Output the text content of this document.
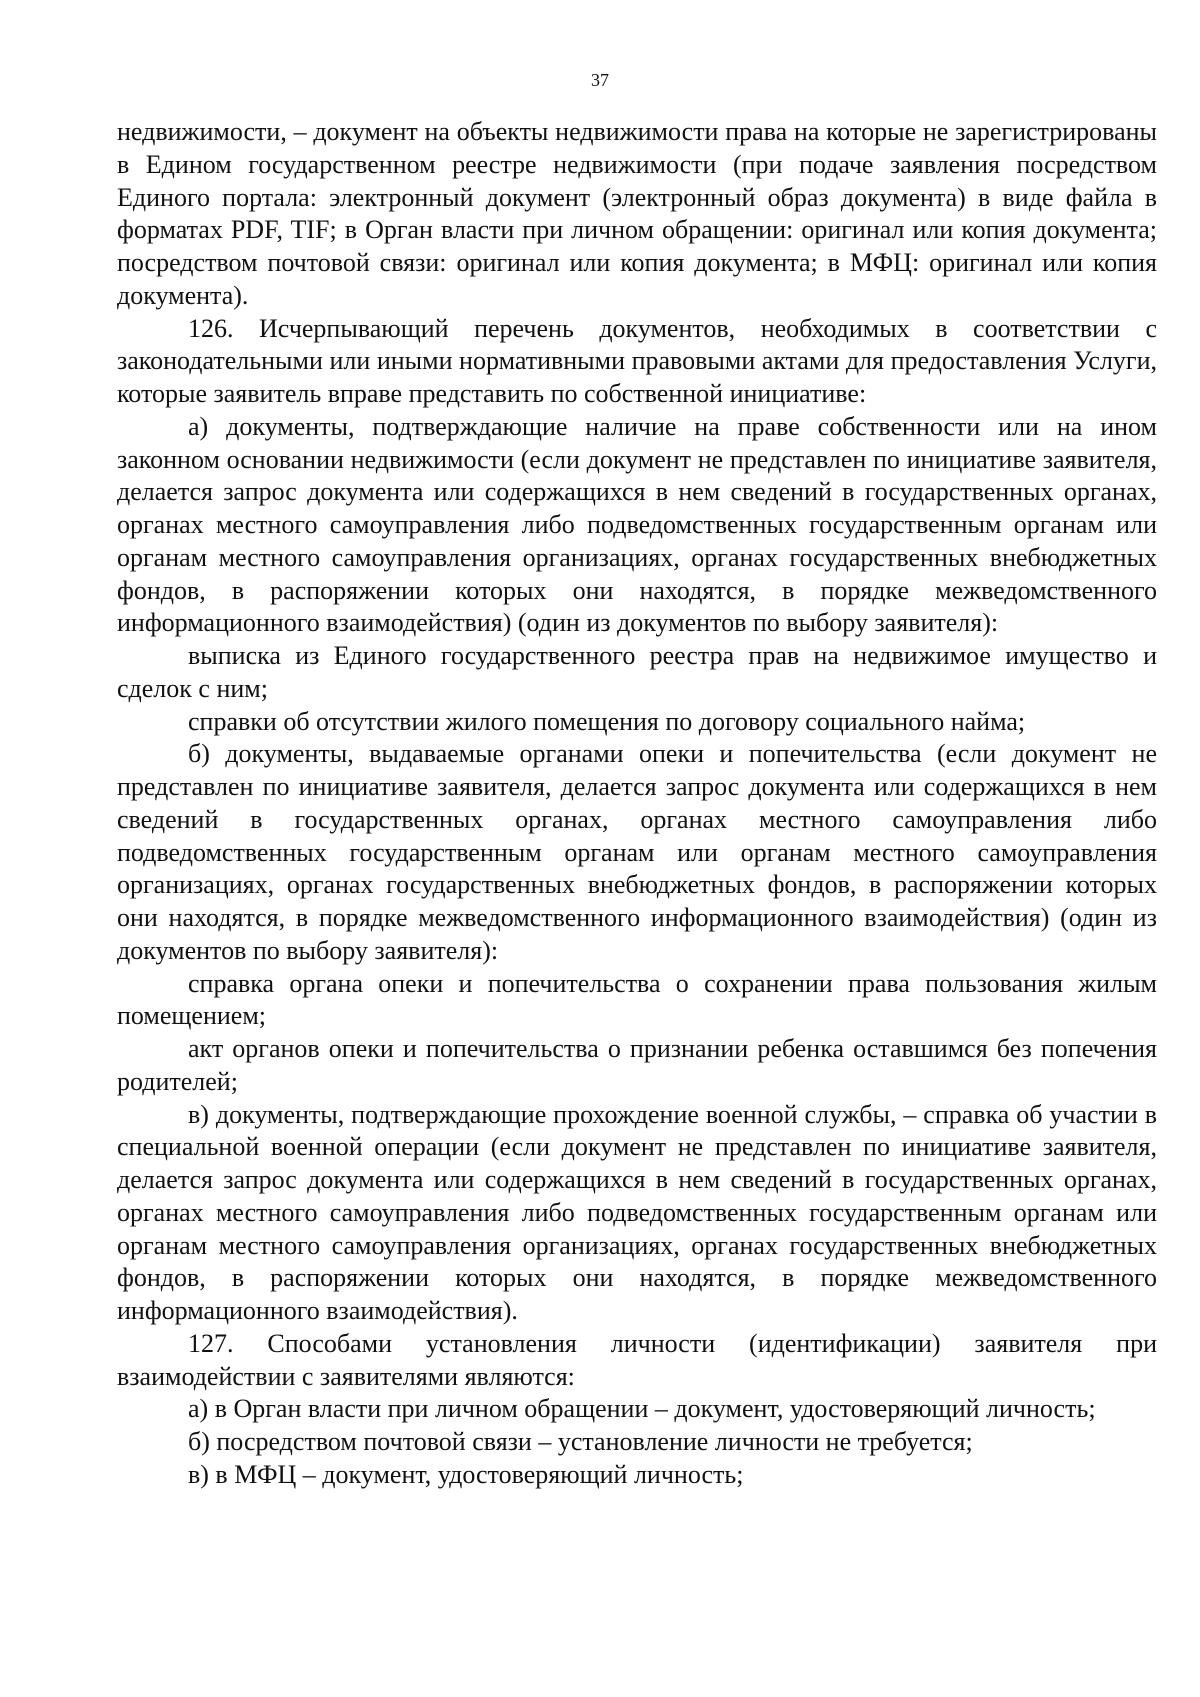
37

недвижимости, – документ на объекты недвижимости права на которые не зарегистрированы в Едином государственном реестре недвижимости (при подаче заявления посредством Единого портала: электронный документ (электронный образ документа) в виде файла в форматах PDF, TIF; в Орган власти при личном обращении: оригинал или копия документа; посредством почтовой связи: оригинал или копия документа; в МФЦ: оригинал или копия документа).

126. Исчерпывающий перечень документов, необходимых в соответствии с законодательными или иными нормативными правовыми актами для предоставления Услуги, которые заявитель вправе представить по собственной инициативе:

а) документы, подтверждающие наличие на праве собственности или на ином законном основании недвижимости (если документ не представлен по инициативе заявителя, делается запрос документа или содержащихся в нем сведений в государственных органах, органах местного самоуправления либо подведомственных государственным органам или органам местного самоуправления организациях, органах государственных внебюджетных фондов, в распоряжении которых они находятся, в порядке межведомственного информационного взаимодействия) (один из документов по выбору заявителя):

выписка из Единого государственного реестра прав на недвижимое имущество и сделок с ним;

справки об отсутствии жилого помещения по договору социального найма;

б) документы, выдаваемые органами опеки и попечительства (если документ не представлен по инициативе заявителя, делается запрос документа или содержащихся в нем сведений в государственных органах, органах местного самоуправления либо подведомственных государственным органам или органам местного самоуправления организациях, органах государственных внебюджетных фондов, в распоряжении которых они находятся, в порядке межведомственного информационного взаимодействия) (один из документов по выбору заявителя):

справка органа опеки и попечительства о сохранении права пользования жилым помещением;

акт органов опеки и попечительства о признании ребенка оставшимся без попечения родителей;

в) документы, подтверждающие прохождение военной службы, – справка об участии в специальной военной операции (если документ не представлен по инициативе заявителя, делается запрос документа или содержащихся в нем сведений в государственных органах, органах местного самоуправления либо подведомственных государственным органам или органам местного самоуправления организациях, органах государственных внебюджетных фондов, в распоряжении которых они находятся, в порядке межведомственного информационного взаимодействия).

127. Способами установления личности (идентификации) заявителя при взаимодействии с заявителями являются:

а) в Орган власти при личном обращении – документ, удостоверяющий личность;

б) посредством почтовой связи – установление личности не требуется;

в) в МФЦ – документ, удостоверяющий личность;
